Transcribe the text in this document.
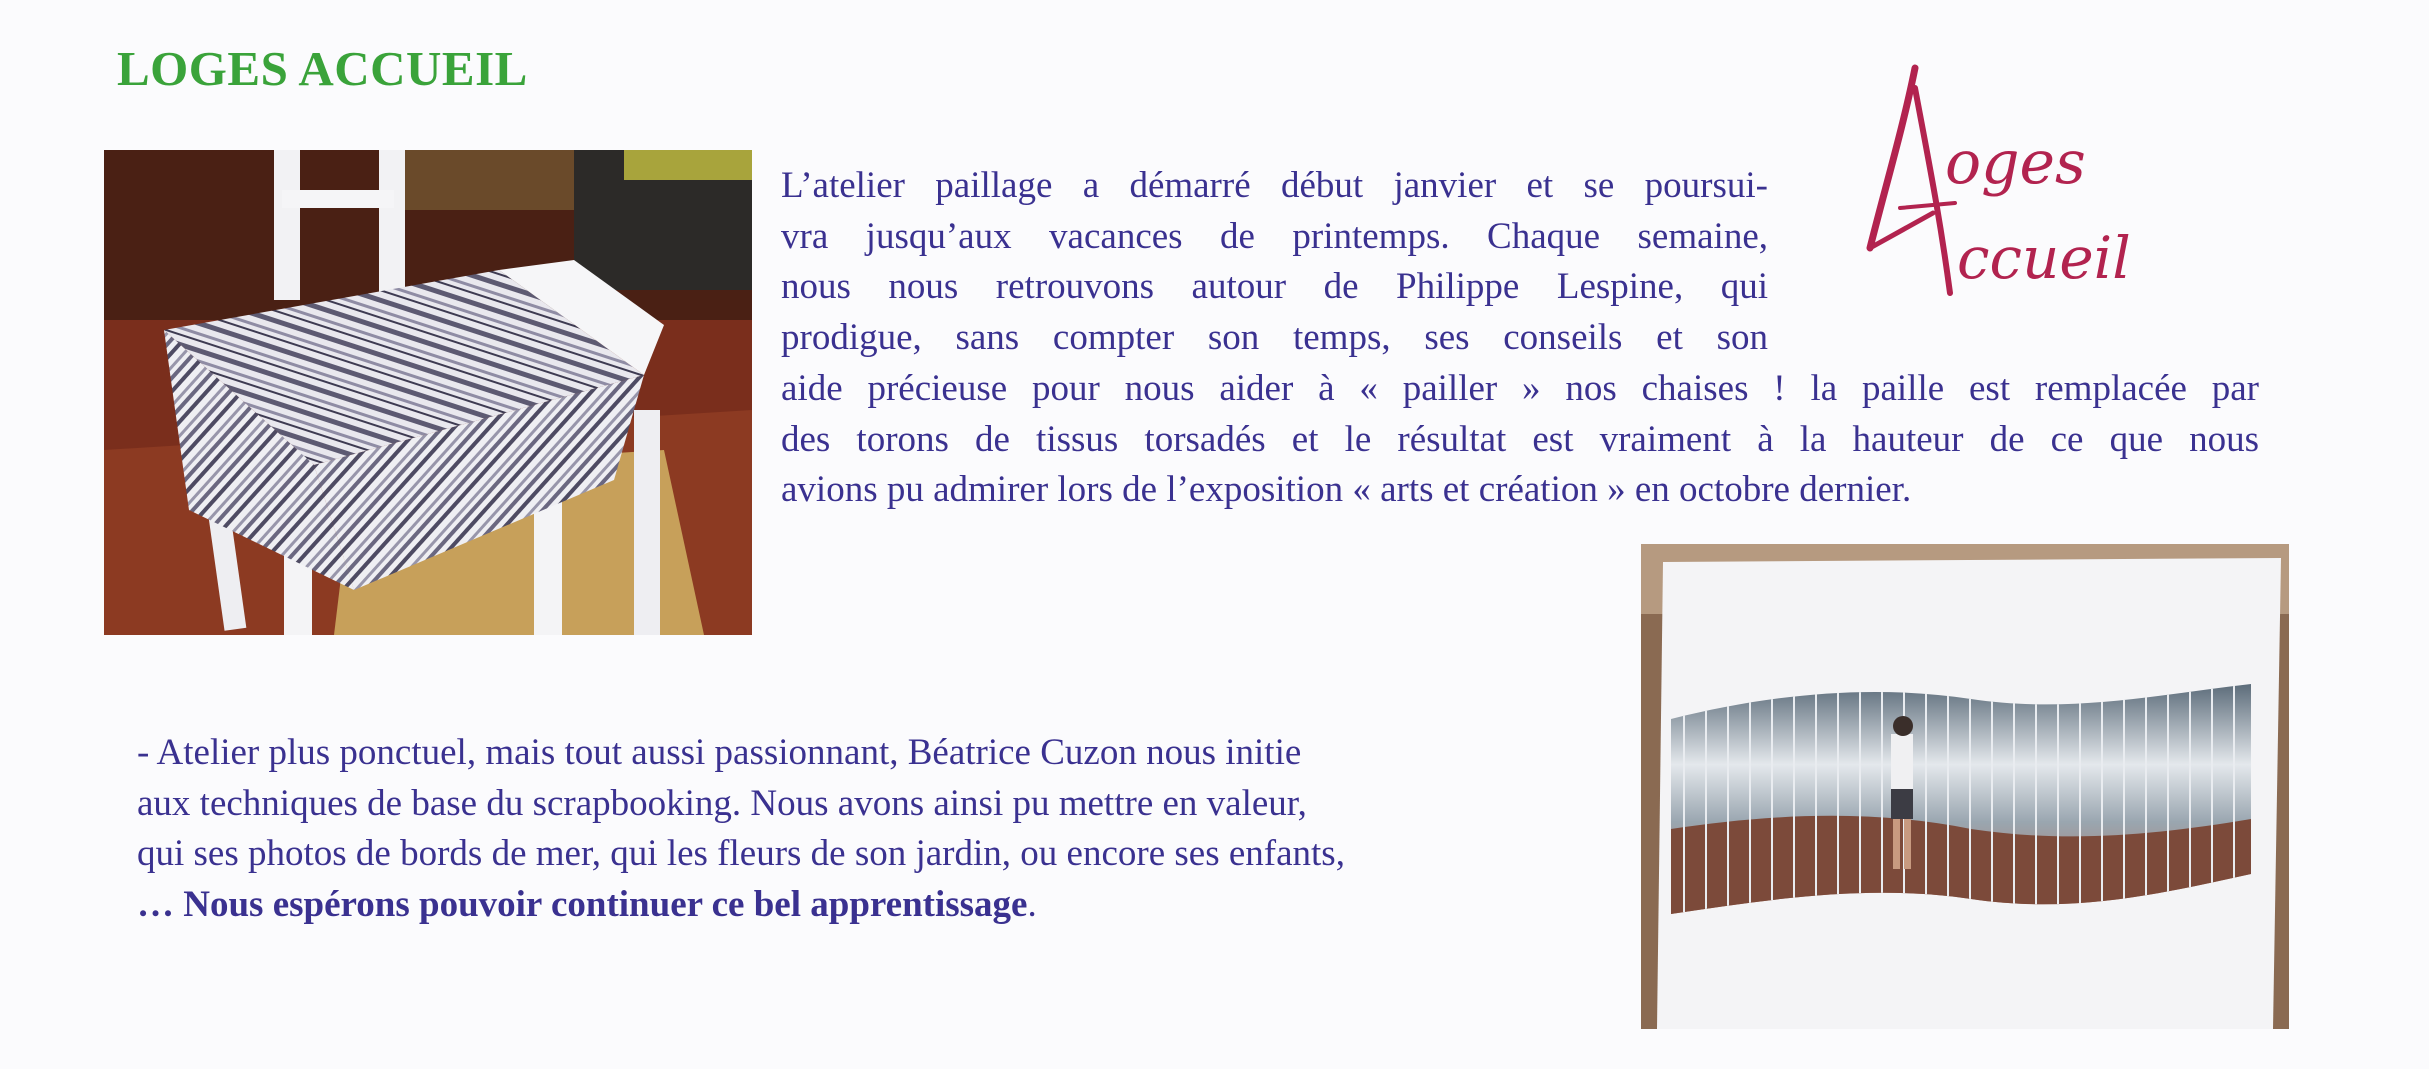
LOGES ACCUEIL
oges
ccueil
L’atelier paillage a démarré début janvier et se poursui-
vra jusqu’aux vacances de printemps. Chaque semaine,
nous nous retrouvons autour de Philippe Lespine, qui
prodigue, sans compter son temps, ses conseils et son
aide précieuse pour nous aider à « pailler » nos chaises ! la paille est remplacée par
des torons de tissus torsadés et le résultat est vraiment à la hauteur de ce que nous
avions pu admirer lors de l’exposition « arts et création » en octobre dernier.
- Atelier plus ponctuel, mais tout aussi passionnant, Béatrice Cuzon nous initie
aux techniques de base du scrapbooking. Nous avons ainsi pu mettre en valeur,
qui ses photos de bords de mer, qui les fleurs de son jardin, ou encore ses enfants,
… Nous espérons pouvoir continuer ce bel apprentissage.
